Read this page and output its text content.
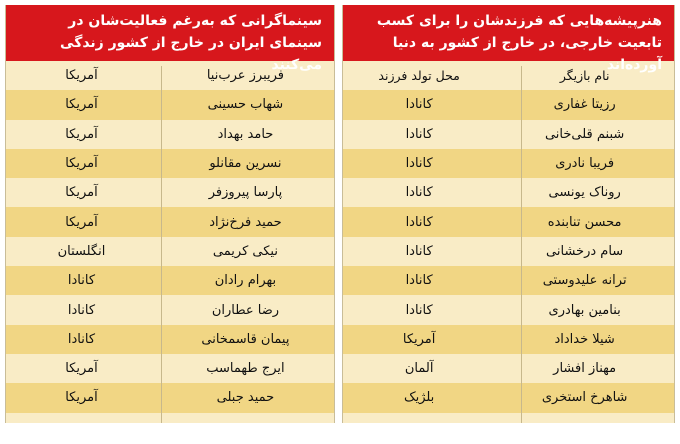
سینماگرانی که به‌رغم فعالیت‌شان در سینمای ایران در خارج از کشور زندگی می‌کنند
فریبرز عرب‌نیا
آمریکا
شهاب حسینی
آمریکا
حامد بهداد
آمریکا
نسرین مقانلو
آمریکا
پارسا پیروزفر
آمریکا
حمید فرخ‌نژاد
آمریکا
نیکی کریمی
انگلستان
بهرام رادان
کانادا
رضا عطاران
کانادا
پیمان قاسمخانی
کانادا
ایرج طهماسب
آمریکا
حمید جبلی
آمریکا
هنرپیشه‌هایی که فرزندشان را برای کسب تابعیت خارجی، در خارج از کشور به دنیا آورده‌اند
نام بازیگر
محل تولد فرزند
رزیتا غفاری
کانادا
شبنم قلی‌خانی
کانادا
فریبا نادری
کانادا
روناک یونسی
کانادا
محسن تنابنده
کانادا
سام درخشانی
کانادا
ترانه علیدوستی
کانادا
بنامین بهادری
کانادا
شیلا خداداد
آمریکا
مهناز افشار
آلمان
شاهرخ استخری
بلژیک
